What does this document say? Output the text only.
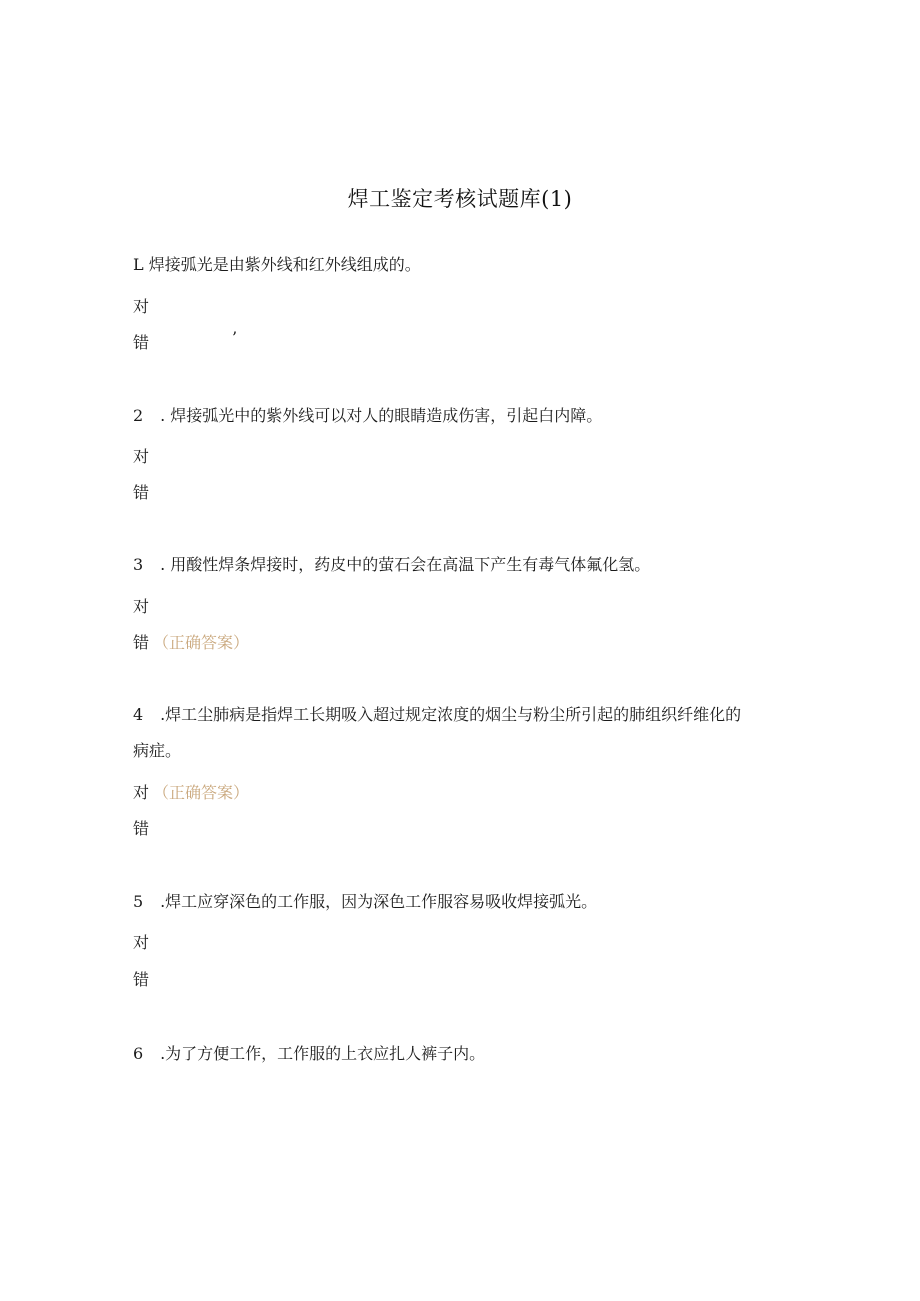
焊工鉴定考核试题库(1)
L 焊接弧光是由紫外线和红外线组成的。
对
错	’
2 . 焊接弧光中的紫外线可以对人的眼睛造成伤害，引起白内障。
对
错
3 . 用酸性焊条焊接时，药皮中的萤石会在高温下产生有毒气体氟化氢。
对
错 （正确答案）
4 .焊工尘肺病是指焊工长期吸入超过规定浓度的烟尘与粉尘所引起的肺组织纤维化的
病症。
对 （正确答案）
错
5 .焊工应穿深色的工作服，因为深色工作服容易吸收焊接弧光。
对
错
6 .为了方便工作，工作服的上衣应扎人裤子内。
